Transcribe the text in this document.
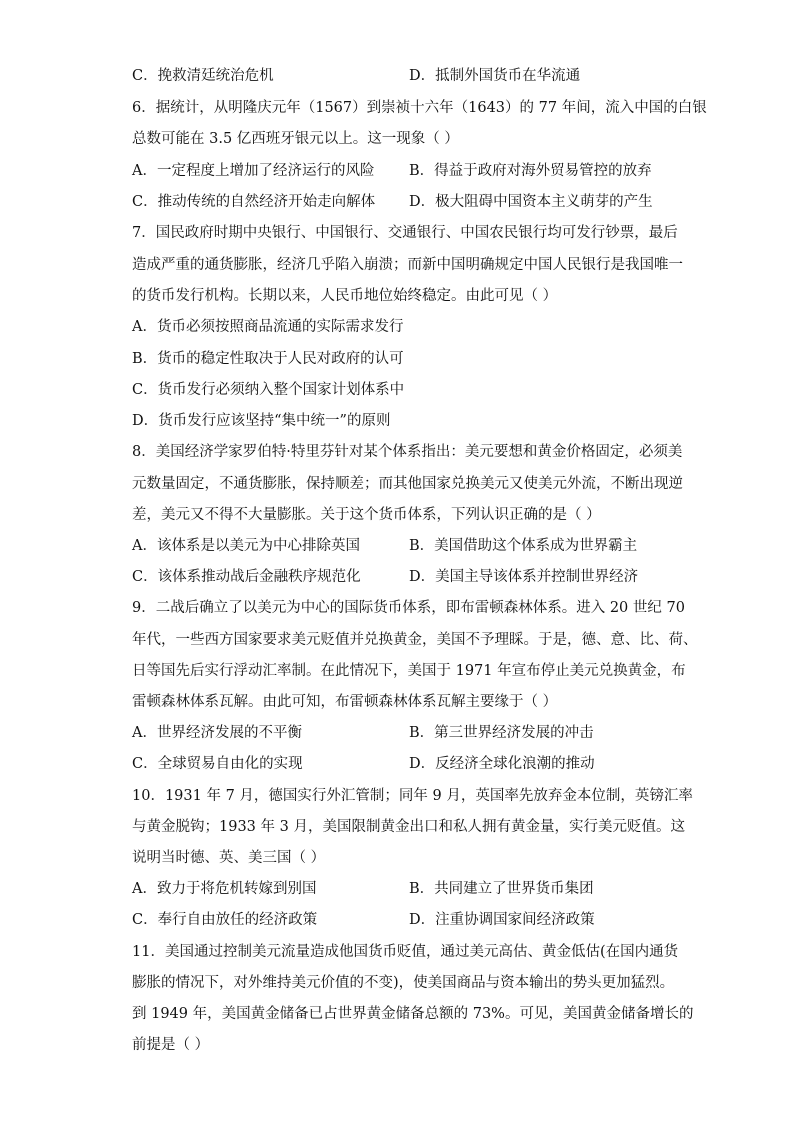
C．挽救清廷统治危机	D．抵制外国货币在华流通
6．据统计，从明隆庆元年（1567）到崇祯十六年（1643）的 77 年间，流入中国的白银
总数可能在 3.5 亿西班牙银元以上。这一现象（ ）
A．一定程度上增加了经济运行的风险 B．得益于政府对海外贸易管控的放弃
C．推动传统的自然经济开始走向解体 D．极大阻碍中国资本主义萌芽的产生
7．国民政府时期中央银行、中国银行、交通银行、中国农民银行均可发行钞票，最后
造成严重的通货膨胀，经济几乎陷入崩溃；而新中国明确规定中国人民银行是我国唯一
的货币发行机构。长期以来，人民币地位始终稳定。由此可见（ ）
A．货币必须按照商品流通的实际需求发行
B．货币的稳定性取决于人民对政府的认可
C．货币发行必须纳入整个国家计划体系中
D．货币发行应该坚持“集中统一”的原则
8．美国经济学家罗伯特·特里芬针对某个体系指出：美元要想和黄金价格固定，必须美
元数量固定，不通货膨胀，保持顺差；而其他国家兑换美元又使美元外流，不断出现逆
差，美元又不得不大量膨胀。关于这个货币体系，下列认识正确的是（ ）
A．该体系是以美元为中心排除英国	B．美国借助这个体系成为世界霸主
C．该体系推动战后金融秩序规范化	D．美国主导该体系并控制世界经济
9．二战后确立了以美元为中心的国际货币体系，即布雷顿森林体系。进入 20 世纪 70
年代，一些西方国家要求美元贬值并兑换黄金，美国不予理睬。于是，德、意、比、荷、
日等国先后实行浮动汇率制。在此情况下，美国于 1971 年宣布停止美元兑换黄金，布
雷顿森林体系瓦解。由此可知，布雷顿森林体系瓦解主要缘于（ ）
A．世界经济发展的不平衡	B．第三世界经济发展的冲击
C．全球贸易自由化的实现	D．反经济全球化浪潮的推动
10．1931 年 7 月，德国实行外汇管制；同年 9 月，英国率先放弃金本位制，英镑汇率
与黄金脱钩；1933 年 3 月，美国限制黄金出口和私人拥有黄金量，实行美元贬值。这
说明当时德、英、美三国（ ）
A．致力于将危机转嫁到别国	B．共同建立了世界货币集团
C．奉行自由放任的经济政策	D．注重协调国家间经济政策
11．美国通过控制美元流量造成他国货币贬值，通过美元高估、黄金低估(在国内通货
膨胀的情况下，对外维持美元价值的不变)，使美国商品与资本输出的势头更加猛烈。
到 1949 年，美国黄金储备已占世界黄金储备总额的 73%。可见，美国黄金储备增长的
前提是（ ）
